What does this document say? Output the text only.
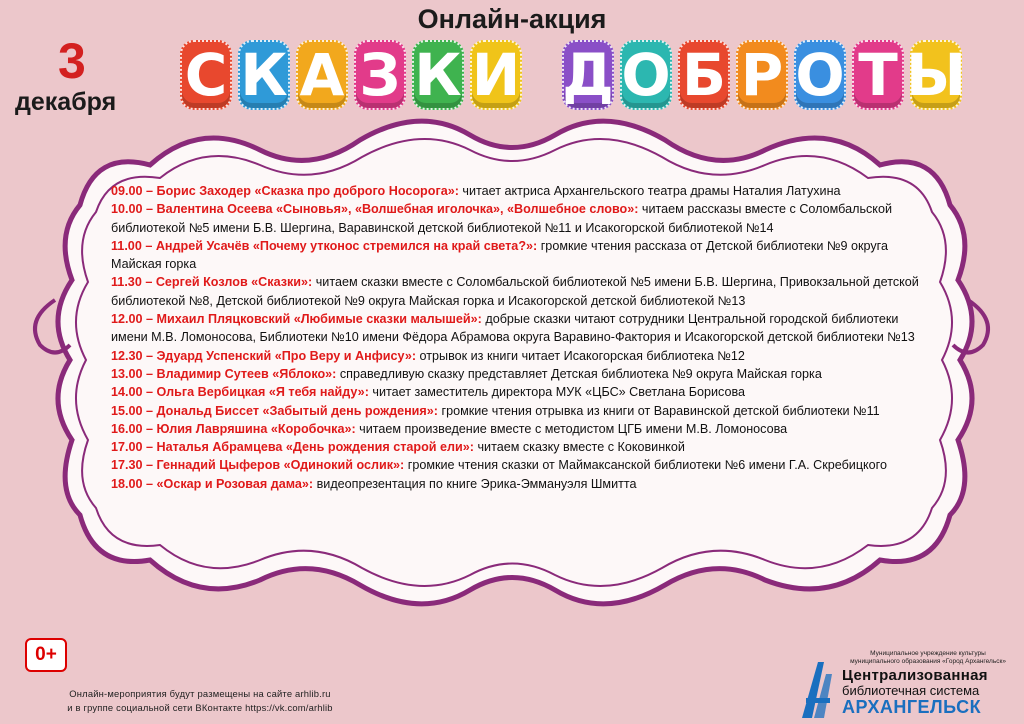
Онлайн-акция
3
декабря С К А З К И Д О Б Р О Т Ы

09.00 – Борис Заходер «Сказка про доброго Носорога»: читает актриса Архангельского театра драмы Наталия Латухина

10.00 – Валентина Осеева «Сыновья», «Волшебная иголочка», «Волшебное слово»: читаем рассказы вместе с Соломбальской библиотекой №5 имени Б.В. Шергина, Варавинской детской библиотекой №11 и Исакогорской библиотекой №14

11.00 – Андрей Усачёв «Почему утконос стремился на край света?»: громкие чтения рассказа от Детской библиотеки №9 округа Майская горка

11.30 – Сергей Козлов «Сказки»: читаем сказки вместе с Соломбальской библиотекой №5 имени Б.В. Шергина, Привокзальной детской библиотекой №8, Детской библиотекой №9 округа Майская горка и Исакогорской детской библиотекой №13

12.00 – Михаил Пляцковский «Любимые сказки малышей»: добрые сказки читают сотрудники Центральной городской библиотеки имени М.В. Ломоносова, Библиотеки №10 имени Фёдора Абрамова округа Варавино-Фактория и Исакогорской детской библиотеки №13

12.30 – Эдуард Успенский «Про Веру и Анфису»: отрывок из книги читает Исакогорская библиотека №12

13.00 – Владимир Сутеев «Яблоко»: справедливую сказку представляет Детская библиотека №9 округа Майская горка

14.00 – Ольга Вербицкая «Я тебя найду»: читает заместитель директора МУК «ЦБС» Светлана Борисова

15.00 – Дональд Биссет «Забытый день рождения»: громкие чтения отрывка из книги от Варавинской детской библиотеки №11

16.00 – Юлия Лавряшина «Коробочка»: читаем произведение вместе с методистом ЦГБ имени М.В. Ломоносова

17.00 – Наталья Абрамцева «День рождения старой ели»: читаем сказку вместе с Коковинкой

17.30 – Геннадий Цыферов «Одинокий ослик»: громкие чтения сказки от Маймаксанской библиотеки №6 имени Г.А. Скребицкого

18.00 – «Оскар и Розовая дама»: видеопрезентация по книге Эрика-Эммануэля Шмитта

0+
Онлайн-мероприятия будут размещены на сайте arhlib.ru
и в группе социальной сети ВКонтакте https://vk.com/arhlib
Муниципальное учреждение культуры
муниципального образования «Город Архангельск»
Централизованная
библиотечная система
АРХАНГЕЛЬСК
